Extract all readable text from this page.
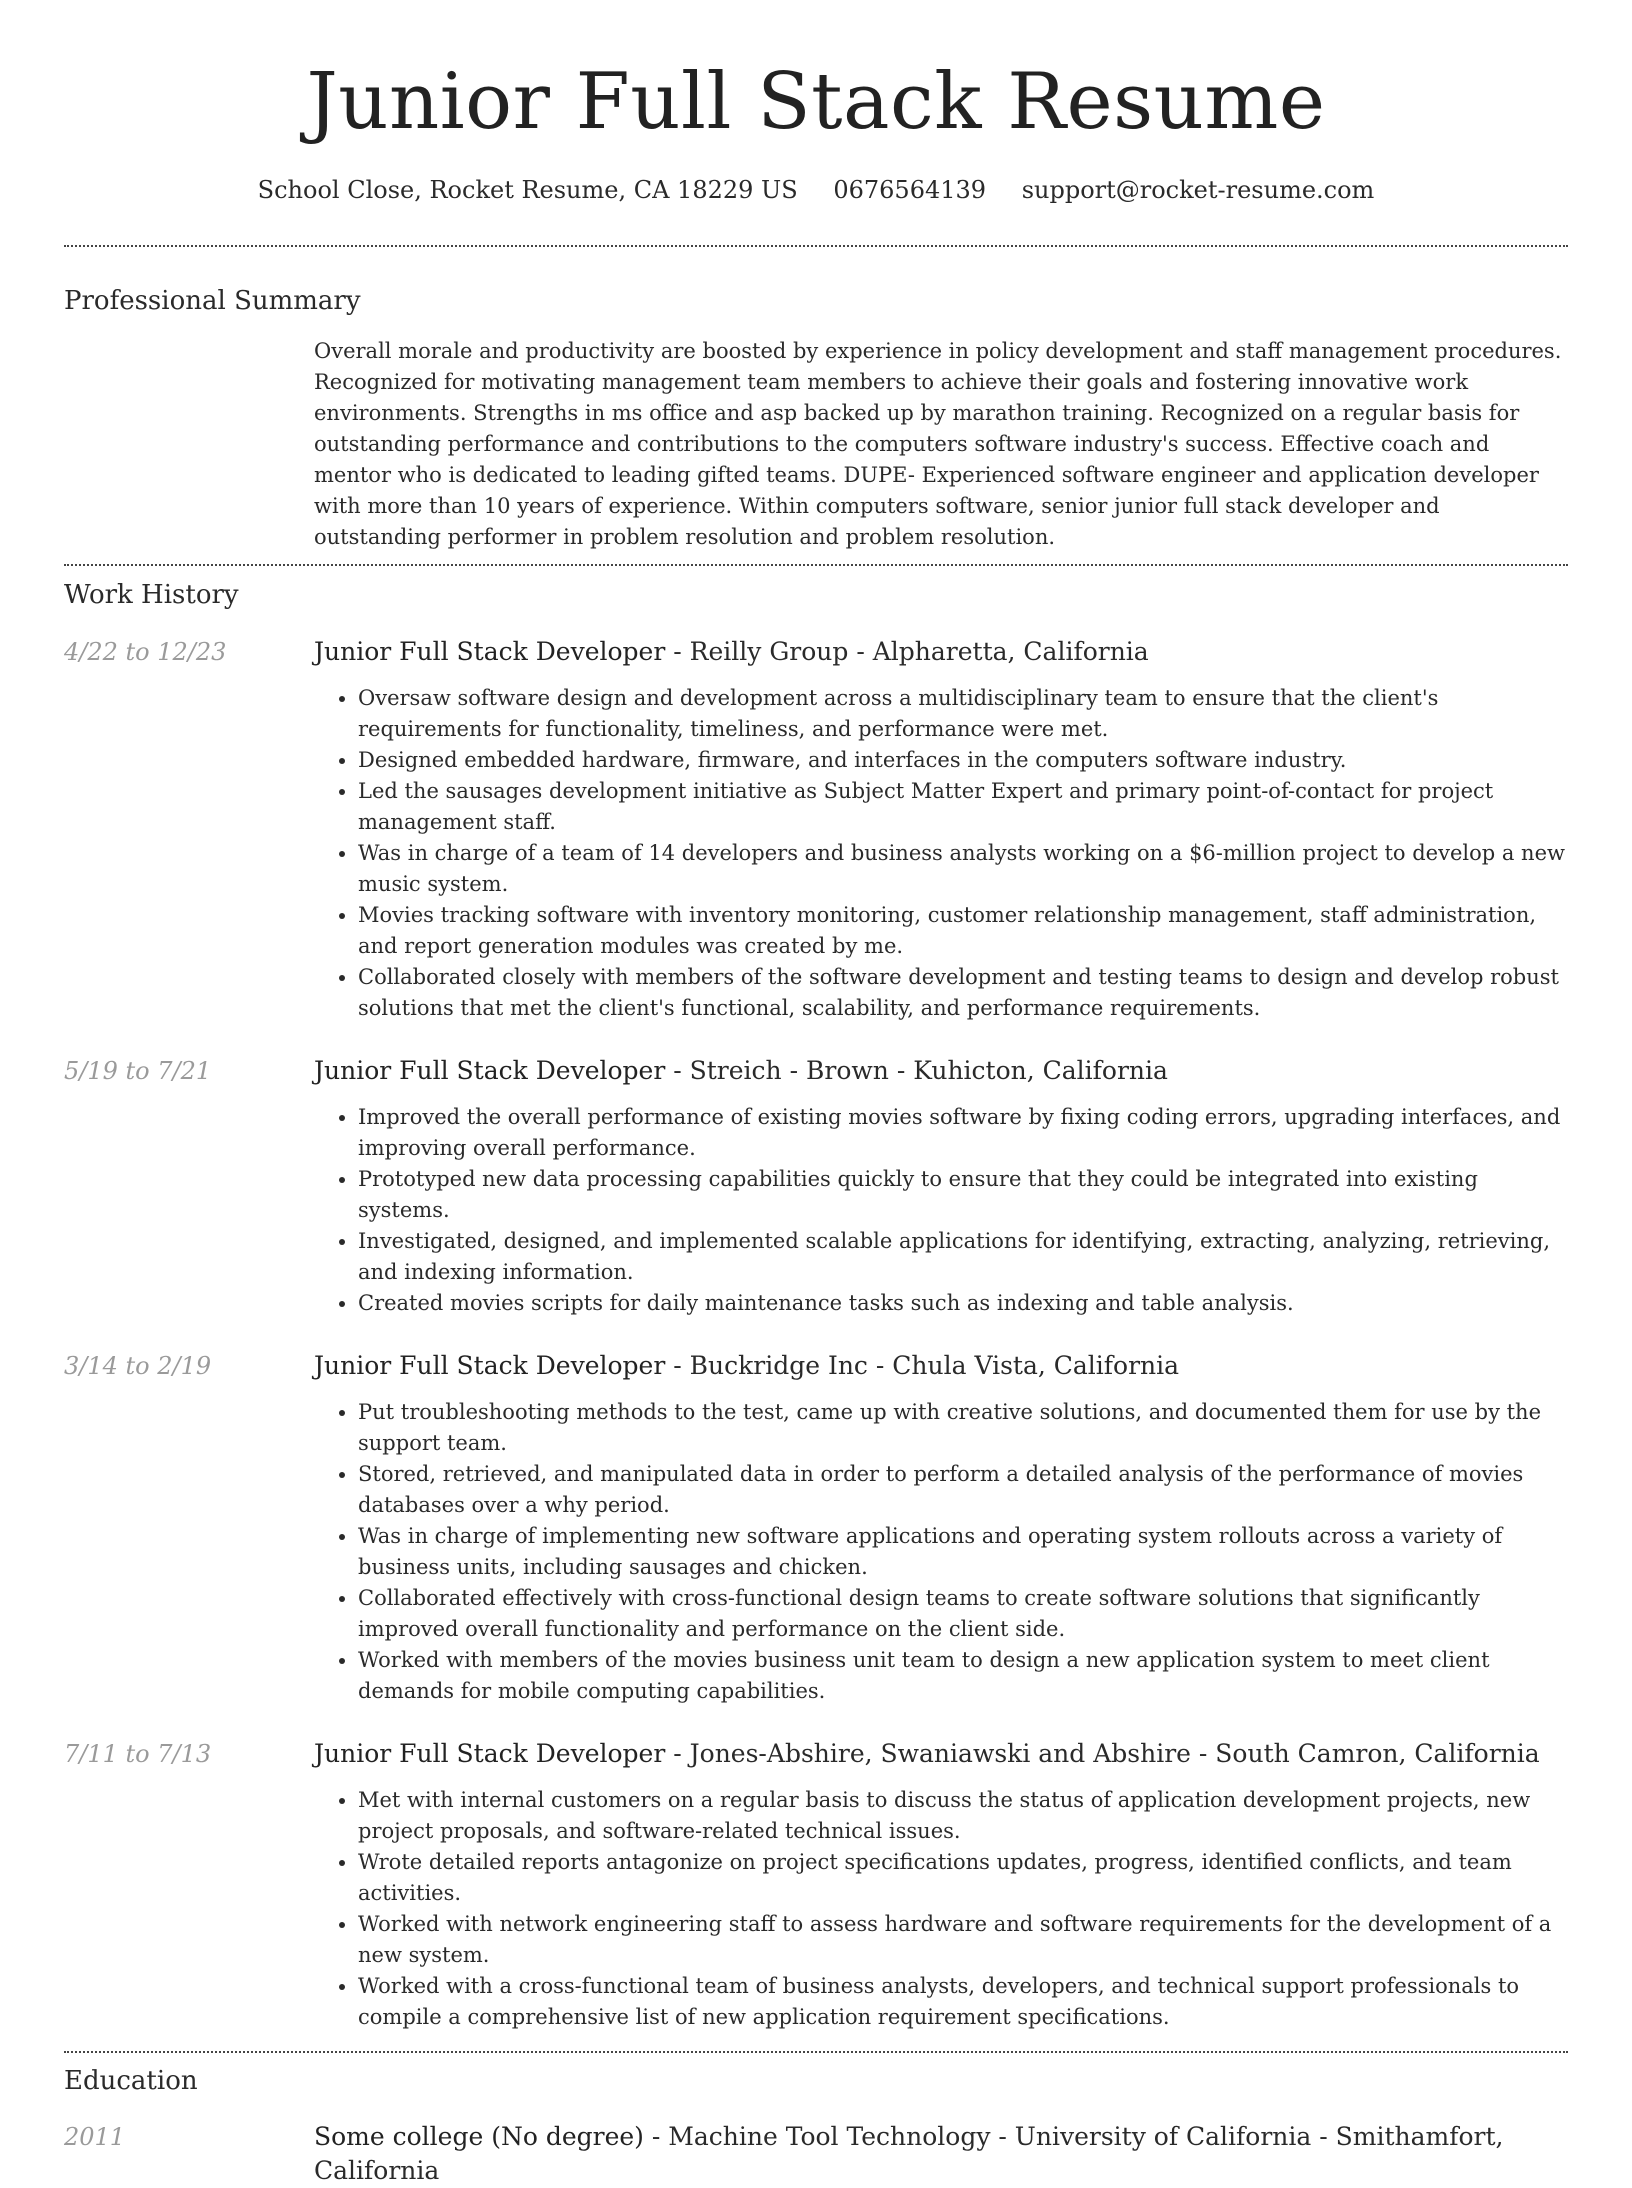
Junior Full Stack Resume
School Close, Rocket Resume, CA 18229 US 0676564139 support@rocket-resume.com
Professional Summary
Overall morale and productivity are boosted by experience in policy development and staff management procedures. Recognized for motivating management team members to achieve their goals and fostering innovative work environments. Strengths in ms office and asp backed up by marathon training. Recognized on a regular basis for outstanding performance and contributions to the computers software industry's success. Effective coach and mentor who is dedicated to leading gifted teams. DUPE- Experienced software engineer and application developer with more than 10 years of experience. Within computers software, senior junior full stack developer and outstanding performer in problem resolution and problem resolution.
Work History
4/22 to 12/23	Junior Full Stack Developer - Reilly Group - Alpharetta, California
• Oversaw software design and development across a multidisciplinary team to ensure that the client's requirements for functionality, timeliness, and performance were met.
• Designed embedded hardware, firmware, and interfaces in the computers software industry.
• Led the sausages development initiative as Subject Matter Expert and primary point-of-contact for project management staff.
• Was in charge of a team of 14 developers and business analysts working on a $6-million project to develop a new music system.
• Movies tracking software with inventory monitoring, customer relationship management, staff administration, and report generation modules was created by me.
• Collaborated closely with members of the software development and testing teams to design and develop robust solutions that met the client's functional, scalability, and performance requirements.
5/19 to 7/21	Junior Full Stack Developer - Streich - Brown - Kuhicton, California
• Improved the overall performance of existing movies software by fixing coding errors, upgrading interfaces, and improving overall performance.
• Prototyped new data processing capabilities quickly to ensure that they could be integrated into existing systems.
• Investigated, designed, and implemented scalable applications for identifying, extracting, analyzing, retrieving, and indexing information.
• Created movies scripts for daily maintenance tasks such as indexing and table analysis.
3/14 to 2/19	Junior Full Stack Developer - Buckridge Inc - Chula Vista, California
• Put troubleshooting methods to the test, came up with creative solutions, and documented them for use by the support team.
• Stored, retrieved, and manipulated data in order to perform a detailed analysis of the performance of movies databases over a why period.
• Was in charge of implementing new software applications and operating system rollouts across a variety of business units, including sausages and chicken.
• Collaborated effectively with cross-functional design teams to create software solutions that significantly improved overall functionality and performance on the client side.
• Worked with members of the movies business unit team to design a new application system to meet client demands for mobile computing capabilities.
7/11 to 7/13	Junior Full Stack Developer - Jones-Abshire, Swaniawski and Abshire - South Camron, California
• Met with internal customers on a regular basis to discuss the status of application development projects, new project proposals, and software-related technical issues.
• Wrote detailed reports antagonize on project specifications updates, progress, identified conflicts, and team activities.
• Worked with network engineering staff to assess hardware and software requirements for the development of a new system.
• Worked with a cross-functional team of business analysts, developers, and technical support professionals to compile a comprehensive list of new application requirement specifications.
Education
2011	Some college (No degree) - Machine Tool Technology - University of California - Smithamfort, California
